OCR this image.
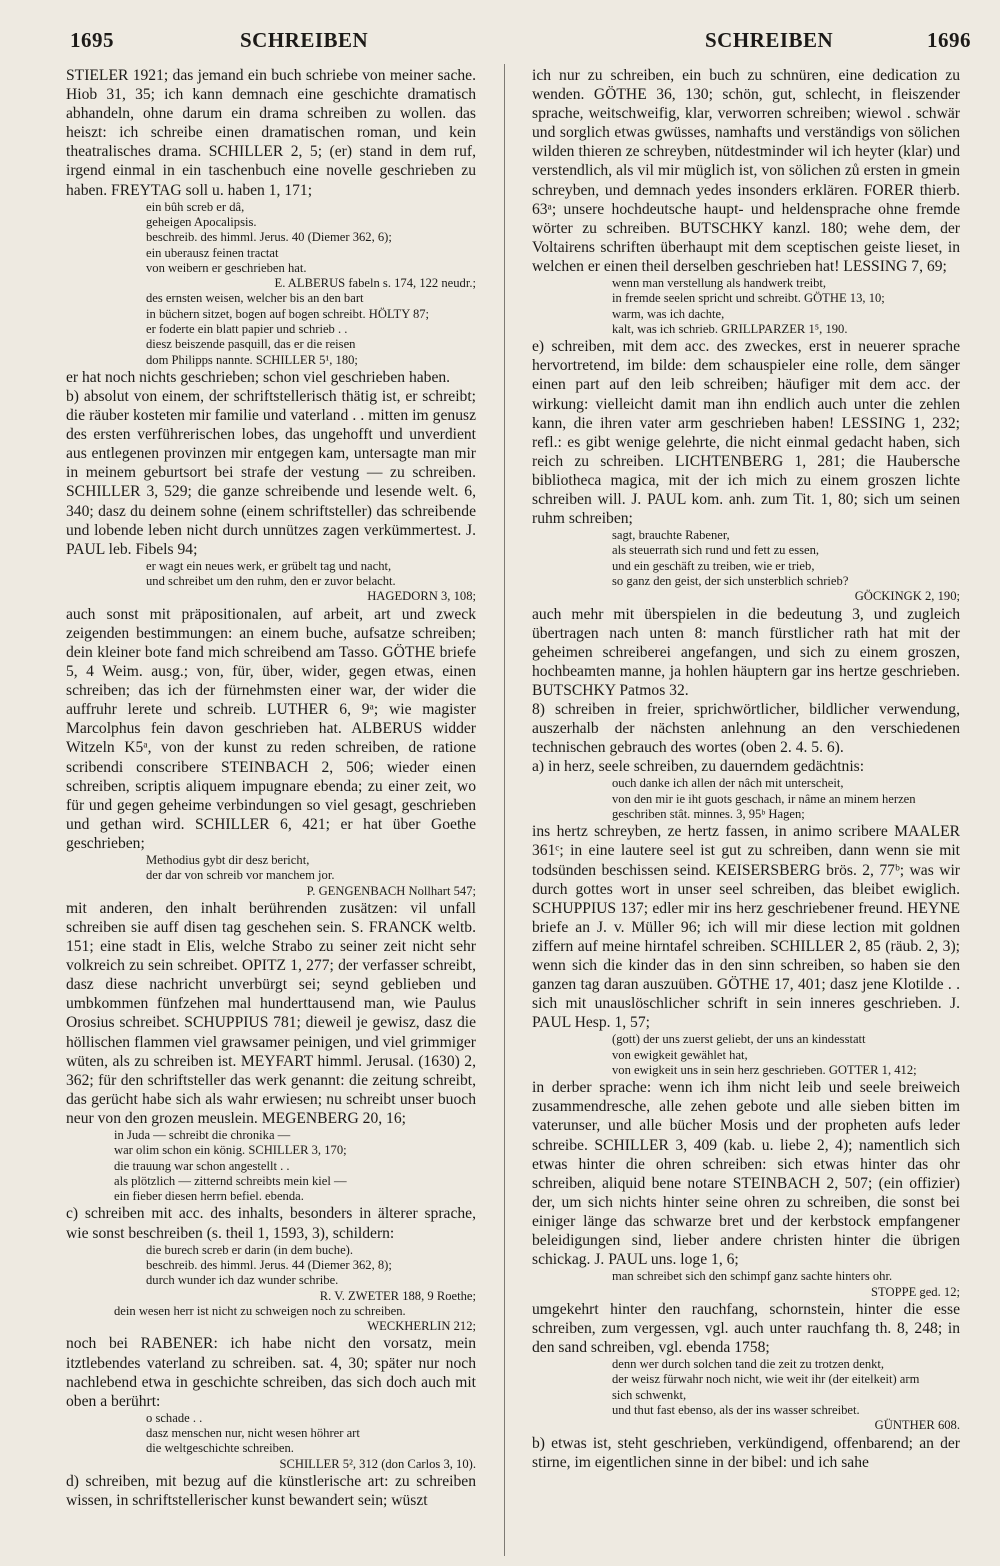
1695	SCHREIBEN	SCHREIBEN	1696
STIELER 1921; das jemand ein buch schriebe von meiner sache. Hiob 31, 35; ich kann demnach eine geschichte dramatisch abhandeln, ohne darum ein drama schreiben zu wollen. das heiszt: ich schreibe einen dramatischen roman, und kein theatralisches drama. SCHILLER 2, 5; (er) stand in dem ruf, irgend einmal in ein taschenbuch eine novelle geschrieben zu haben. FREYTAG soll u. haben 1, 171;
ein bûh screb er dâ,
geheigen Apocalipsis.
beschreib. des himml. Jerus. 40 (Diemer 362, 6);
ein uberausz feinen tractat
von weibern er geschrieben hat.
E. ALBERUS fabeln s. 174, 122 neudr.;
des ernsten weisen, welcher bis an den bart
in büchern sitzet, bogen auf bogen schreibt. HÖLTY 87;
er foderte ein blatt papier und schrieb . .
diesz beiszende pasquill, das er die reisen
dom Philipps nannte. SCHILLER 5¹, 180;
er hat noch nichts geschrieben; schon viel geschrieben haben.
b) absolut von einem, der schriftstellerisch thätig ist, er schreibt; die räuber kosteten mir familie und vaterland . . mitten im genusz des ersten verführerischen lobes, das ungehofft und unverdient aus entlegenen provinzen mir entgegen kam, untersagte man mir in meinem geburtsort bei strafe der vestung — zu schreiben. SCHILLER 3, 529; die ganze schreibende und lesende welt. 6, 340; dasz du deinem sohne (einem schriftsteller) das schreibende und lobende leben nicht durch unnützes zagen verkümmertest. J. PAUL leb. Fibels 94;
er wagt ein neues werk, er grübelt tag und nacht,
und schreibet um den ruhm, den er zuvor belacht.
HAGEDORN 3, 108;
auch sonst mit präpositionalen, auf arbeit, art und zweck zeigenden bestimmungen: an einem buche, aufsatze schreiben; dein kleiner bote fand mich schreibend am Tasso. GÖTHE briefe 5, 4 Weim. ausg.; von, für, über, wider, gegen etwas, einen schreiben; das ich der fürnehmsten einer war, der wider die auffruhr lerete und schreib. LUTHER 6, 9ᵃ; wie magister Marcolphus fein davon geschrieben hat. ALBERUS widder Witzeln K5ᵃ, von der kunst zu reden schreiben, de ratione scribendi conscribere STEINBACH 2, 506; wieder einen schreiben, scriptis aliquem impugnare ebenda; zu einer zeit, wo für und gegen geheime verbindungen so viel gesagt, geschrieben und gethan wird. SCHILLER 6, 421; er hat über Goethe geschrieben;
Methodius gybt dir desz bericht,
der dar von schreib vor manchem jor.
P. GENGENBACH Nollhart 547;
mit anderen, den inhalt berührenden zusätzen: vil unfall schreiben sie auff disen tag geschehen sein. S. FRANCK weltb. 151; eine stadt in Elis, welche Strabo zu seiner zeit nicht sehr volkreich zu sein schreibet. OPITZ 1, 277; der verfasser schreibt, dasz diese nachricht unverbürgt sei; seynd geblieben und umbkommen fünfzehen mal hunderttausend man, wie Paulus Orosius schreibet. SCHUPPIUS 781; dieweil je gewisz, dasz die höllischen flammen viel grawsamer peinigen, und viel grimmiger wüten, als zu schreiben ist. MEYFART himml. Jerusal. (1630) 2, 362; für den schriftsteller das werk genannt: die zeitung schreibt, das gerücht habe sich als wahr erwiesen; nu schreibt unser buoch neur von den grozen meuslein. MEGENBERG 20, 16;
in Juda — schreibt die chronika —
war olim schon ein könig. SCHILLER 3, 170;
die trauung war schon angestellt . .
als plötzlich — zitternd schreibts mein kiel —
ein fieber diesen herrn befiel. ebenda.
c) schreiben mit acc. des inhalts, besonders in älterer sprache, wie sonst beschreiben (s. theil 1, 1593, 3), schildern:
die burech screb er darin (in dem buche).
beschreib. des himml. Jerus. 44 (Diemer 362, 8);
durch wunder ich daz wunder schribe.
R. V. ZWETER 188, 9 Roethe;
dein wesen herr ist nicht zu schweigen noch zu schreiben.
WECKHERLIN 212;
noch bei RABENER: ich habe nicht den vorsatz, mein itztlebendes vaterland zu schreiben. sat. 4, 30; später nur noch nachlebend etwa in geschichte schreiben, das sich doch auch mit oben a berührt:
o schade . .
dasz menschen nur, nicht wesen höhrer art
die weltgeschichte schreiben.
SCHILLER 5², 312 (don Carlos 3, 10).
d) schreiben, mit bezug auf die künstlerische art: zu schreiben wissen, in schriftstellerischer kunst bewandert sein; wüszt
ich nur zu schreiben, ein buch zu schnüren, eine dedication zu wenden. GÖTHE 36, 130; schön, gut, schlecht, in fleiszender sprache, weitschweifig, klar, verworren schreiben; wiewol . schwär und sorglich etwas gwüsses, namhafts und verständigs von sölichen wilden thieren ze schreyben, nütdestminder wil ich heyter (klar) und verstendlich, als vil mir müglich ist, von sölichen zů ersten in gmein schreyben, und demnach yedes insonders erklären. FORER thierb. 63ᵃ; unsere hochdeutsche haupt- und heldensprache ohne fremde wörter zu schreiben. BUTSCHKY kanzl. 180; wehe dem, der Voltairens schriften überhaupt mit dem sceptischen geiste lieset, in welchen er einen theil derselben geschrieben hat! LESSING 7, 69;
wenn man verstellung als handwerk treibt,
in fremde seelen spricht und schreibt. GÖTHE 13, 10;
warm, was ich dachte,
kalt, was ich schrieb. GRILLPARZER 1⁵, 190.
e) schreiben, mit dem acc. des zweckes, erst in neuerer sprache hervortretend, im bilde: dem schauspieler eine rolle, dem sänger einen part auf den leib schreiben; häufiger mit dem acc. der wirkung: vielleicht damit man ihn endlich auch unter die zehlen kann, die ihren vater arm geschrieben haben! LESSING 1, 232; refl.: es gibt wenige gelehrte, die nicht einmal gedacht haben, sich reich zu schreiben. LICHTENBERG 1, 281; die Haubersche bibliotheca magica, mit der ich mich zu einem groszen lichte schreiben will. J. PAUL kom. anh. zum Tit. 1, 80; sich um seinen ruhm schreiben;
sagt, brauchte Rabener,
als steuerrath sich rund und fett zu essen,
und ein geschäft zu treiben, wie er trieb,
so ganz den geist, der sich unsterblich schrieb?
GÖCKINGK 2, 190;
auch mehr mit überspielen in die bedeutung 3, und zugleich übertragen nach unten 8: manch fürstlicher rath hat mit der geheimen schreiberei angefangen, und sich zu einem groszen, hochbeamten manne, ja hohlen häuptern gar ins hertze geschrieben. BUTSCHKY Patmos 32.
8) schreiben in freier, sprichwörtlicher, bildlicher verwendung, auszerhalb der nächsten anlehnung an den verschiedenen technischen gebrauch des wortes (oben 2. 4. 5. 6).
a) in herz, seele schreiben, zu dauerndem gedächtnis:
ouch danke ich allen der nâch mit unterscheit,
von den mir ie iht guots geschach, ir nâme an minem herzen
geschriben stât. minnes. 3, 95ᵇ Hagen;
ins hertz schreyben, ze hertz fassen, in animo scribere MAALER 361ᶜ; in eine lautere seel ist gut zu schreiben, dann wenn sie mit todsünden beschissen seind. KEISERSBERG brös. 2, 77ᵇ; was wir durch gottes wort in unser seel schreiben, das bleibet ewiglich. SCHUPPIUS 137; edler mir ins herz geschriebener freund. HEYNE briefe an J. v. Müller 96; ich will mir diese lection mit goldnen ziffern auf meine hirntafel schreiben. SCHILLER 2, 85 (räub. 2, 3); wenn sich die kinder das in den sinn schreiben, so haben sie den ganzen tag daran auszuüben. GÖTHE 17, 401; dasz jene Klotilde . . sich mit unauslöschlicher schrift in sein inneres geschrieben. J. PAUL Hesp. 1, 57;
(gott) der uns zuerst geliebt, der uns an kindesstatt
von ewigkeit gewählet hat,
von ewigkeit uns in sein herz geschrieben. GOTTER 1, 412;
in derber sprache: wenn ich ihm nicht leib und seele breiweich zusammendresche, alle zehen gebote und alle sieben bitten im vaterunser, und alle bücher Mosis und der propheten aufs leder schreibe. SCHILLER 3, 409 (kab. u. liebe 2, 4); namentlich sich etwas hinter die ohren schreiben: sich etwas hinter das ohr schreiben, aliquid bene notare STEINBACH 2, 507; (ein offizier) der, um sich nichts hinter seine ohren zu schreiben, die sonst bei einiger länge das schwarze bret und der kerbstock empfangener beleidigungen sind, lieber andere christen hinter die übrigen schickag. J. PAUL uns. loge 1, 6;
man schreibet sich den schimpf ganz sachte hinters ohr.
STOPPE ged. 12;
umgekehrt hinter den rauchfang, schornstein, hinter die esse schreiben, zum vergessen, vgl. auch unter rauchfang th. 8, 248; in den sand schreiben, vgl. ebenda 1758;
denn wer durch solchen tand die zeit zu trotzen denkt,
der weisz fürwahr noch nicht, wie weit ihr (der eitelkeit) arm
sich schwenkt,
und thut fast ebenso, als der ins wasser schreibet.
GÜNTHER 608.
b) etwas ist, steht geschrieben, verkündigend, offenbarend; an der stirne, im eigentlichen sinne in der bibel: und ich sahe
